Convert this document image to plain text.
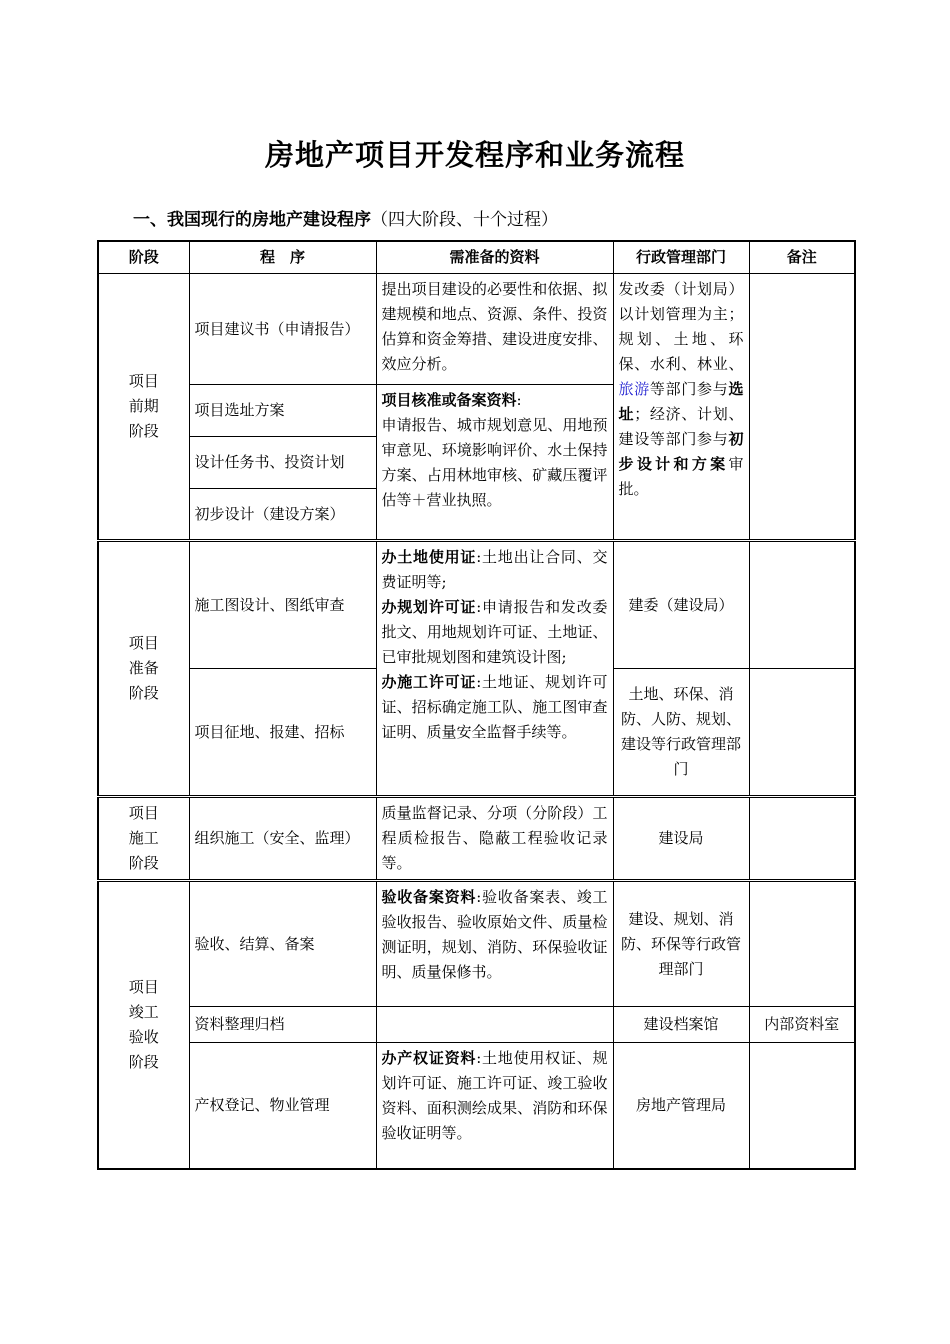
房地产项目开发程序和业务流程
一、我国现行的房地产建设程序（四大阶段、十个过程）
阶段	程　序	需准备的资料	行政管理部门	备注
项目
前期
阶段	项目建议书（申请报告）	提出项目建设的必要性和依据、拟建规模和地点、资源、条件、投资估算和资金筹措、建设进度安排、效应分析。	发改委（计划局）以计划管理为主；规划、土地、环保、水利、林业、旅游等部门参与选址；经济、计划、建设等部门参与初步设计和方案审批。	
	项目选址方案	项目核准或备案资料:
申请报告、城市规划意见、用地预审意见、环境影响评价、水土保持方案、占用林地审核、矿藏压覆评估等＋营业执照。		
	设计任务书、投资计划			
	初步设计（建设方案）			
项目
准备
阶段	施工图设计、图纸审查	办土地使用证:土地出让合同、交费证明等;
办规划许可证:申请报告和发改委批文、用地规划许可证、土地证、已审批规划图和建筑设计图;
办施工许可证:土地证、规划许可证、招标确定施工队、施工图审查证明、质量安全监督手续等。	建委（建设局）	
	项目征地、报建、招标		土地、环保、消防、人防、规划、建设等行政管理部门	
项目
施工
阶段	组织施工（安全、监理）	质量监督记录、分项（分阶段）工程质检报告、隐蔽工程验收记录等。	建设局	
项目
竣工
验收
阶段	验收、结算、备案	验收备案资料:验收备案表、竣工验收报告、验收原始文件、质量检测证明，规划、消防、环保验收证明、质量保修书。	建设、规划、消防、环保等行政管理部门	
	资料整理归档		建设档案馆	内部资料室
	产权登记、物业管理	办产权证资料:土地使用权证、规划许可证、施工许可证、竣工验收资料、面积测绘成果、消防和环保验收证明等。	房地产管理局	
